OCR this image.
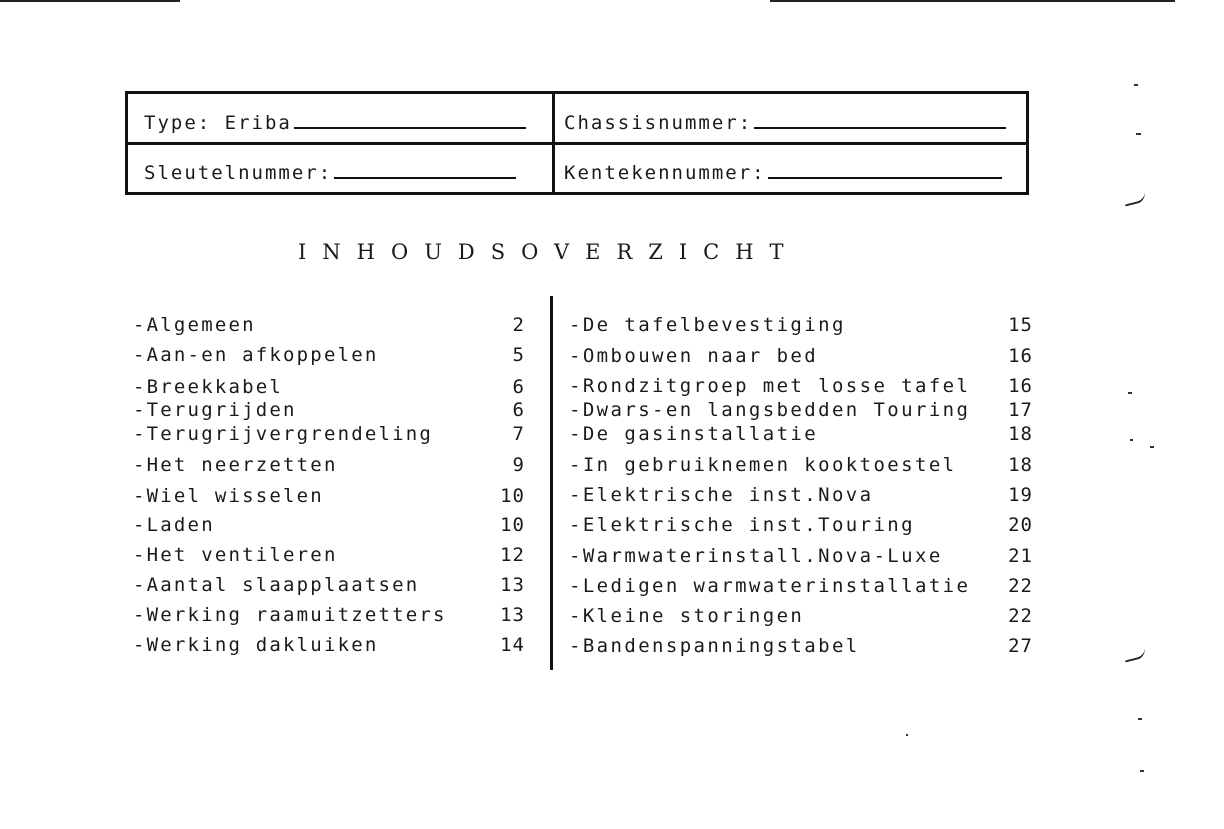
Type: Eriba	Chassisnummer:
Sleutelnummer:	Kentekennummer:
INHOUDSOVERZICHT
-Algemeen	2
-Aan-en afkoppelen	5
-Breekkabel	6
-Terugrijden	6
-Terugrijvergrendeling	7
-Het neerzetten	9
-Wiel wisselen	10
-Laden	10
-Het ventileren	12
-Aantal slaapplaatsen	13
-Werking raamuitzetters	13
-Werking dakluiken	14
-De tafelbevestiging	15
-Ombouwen naar bed	16
-Rondzitgroep met losse tafel 16
-Dwars-en langsbedden Touring 17
-De gasinstallatie	18
-In gebruiknemen kooktoestel	18
-Elektrische inst.Nova	19
-Elektrische inst.Touring	20
-Warmwaterinstall.Nova-Luxe	21
-Ledigen warmwaterinstallatie 22
-Kleine storingen	22
-Bandenspanningstabel	27
